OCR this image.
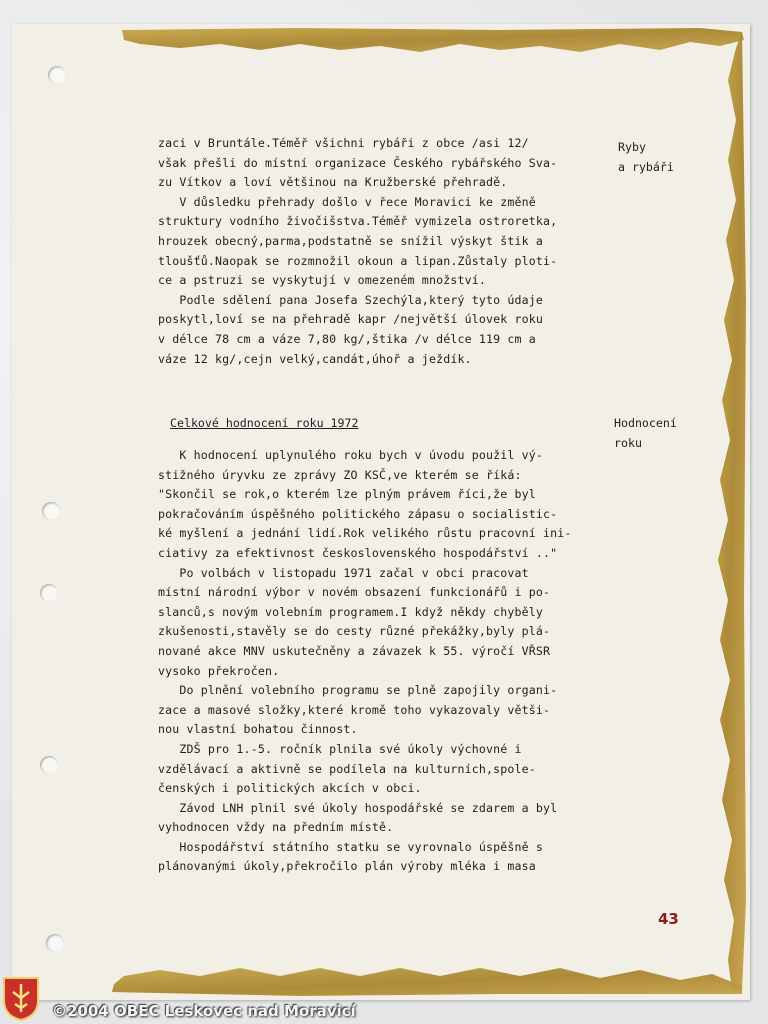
Ryby
a rybáři
Hodnocení
roku
zaci v Bruntále.Téměř všichni rybáři z obce /asi 12/
však přešli do místní organizace Českého rybářského Sva-
zu Vítkov a loví většinou na Kružberské přehradě.
V důsledku přehrady došlo v řece Moravici ke změně
struktury vodního živočišstva.Téměř vymizela ostroretka,
hrouzek obecný,parma,podstatně se snížil výskyt štik a
tloušťů.Naopak se rozmnožil okoun a lipan.Zůstaly ploti-
ce a pstruzi se vyskytují v omezeném množství.
Podle sdělení pana Josefa Szechýla,který tyto údaje
poskytl,loví se na přehradě kapr /největší úlovek roku
v délce 78 cm a váze 7,80 kg/,štika /v délce 119 cm a
váze 12 kg/,cejn velký,candát,úhoř a ježdík.
Celkové hodnocení roku 1972
K hodnocení uplynulého roku bych v úvodu použil vý-
stižného úryvku ze zprávy ZO KSČ,ve kterém se říká:
"Skončil se rok,o kterém lze plným právem říci,že byl
pokračováním úspěšného politického zápasu o socialistic-
ké myšlení a jednání lidí.Rok velikého růstu pracovní ini-
ciativy za efektivnost československého hospodářství .."
Po volbách v listopadu 1971 začal v obci pracovat
místní národní výbor v novém obsazení funkcionářů i po-
slanců,s novým volebním programem.I když někdy chyběly
zkušenosti,stavěly se do cesty různé překážky,byly plá-
nované akce MNV uskutečněny a závazek k 55. výročí VŘSR
vysoko překročen.
Do plnění volebního programu se plně zapojily organi-
zace a masové složky,které kromě toho vykazovaly větši-
nou vlastní bohatou činnost.
ZDŠ pro 1.-5. ročník plnila své úkoly výchovné i
vzdělávací a aktivně se podílela na kulturních,spole-
čenských i politických akcích v obci.
Závod LNH plnil své úkoly hospodářské se zdarem a byl
vyhodnocen vždy na předním místě.
Hospodářství státního statku se vyrovnalo úspěšně s
plánovanými úkoly,překročilo plán výroby mléka i masa
43
©2004 OBEC Leskovec nad Moravicí
